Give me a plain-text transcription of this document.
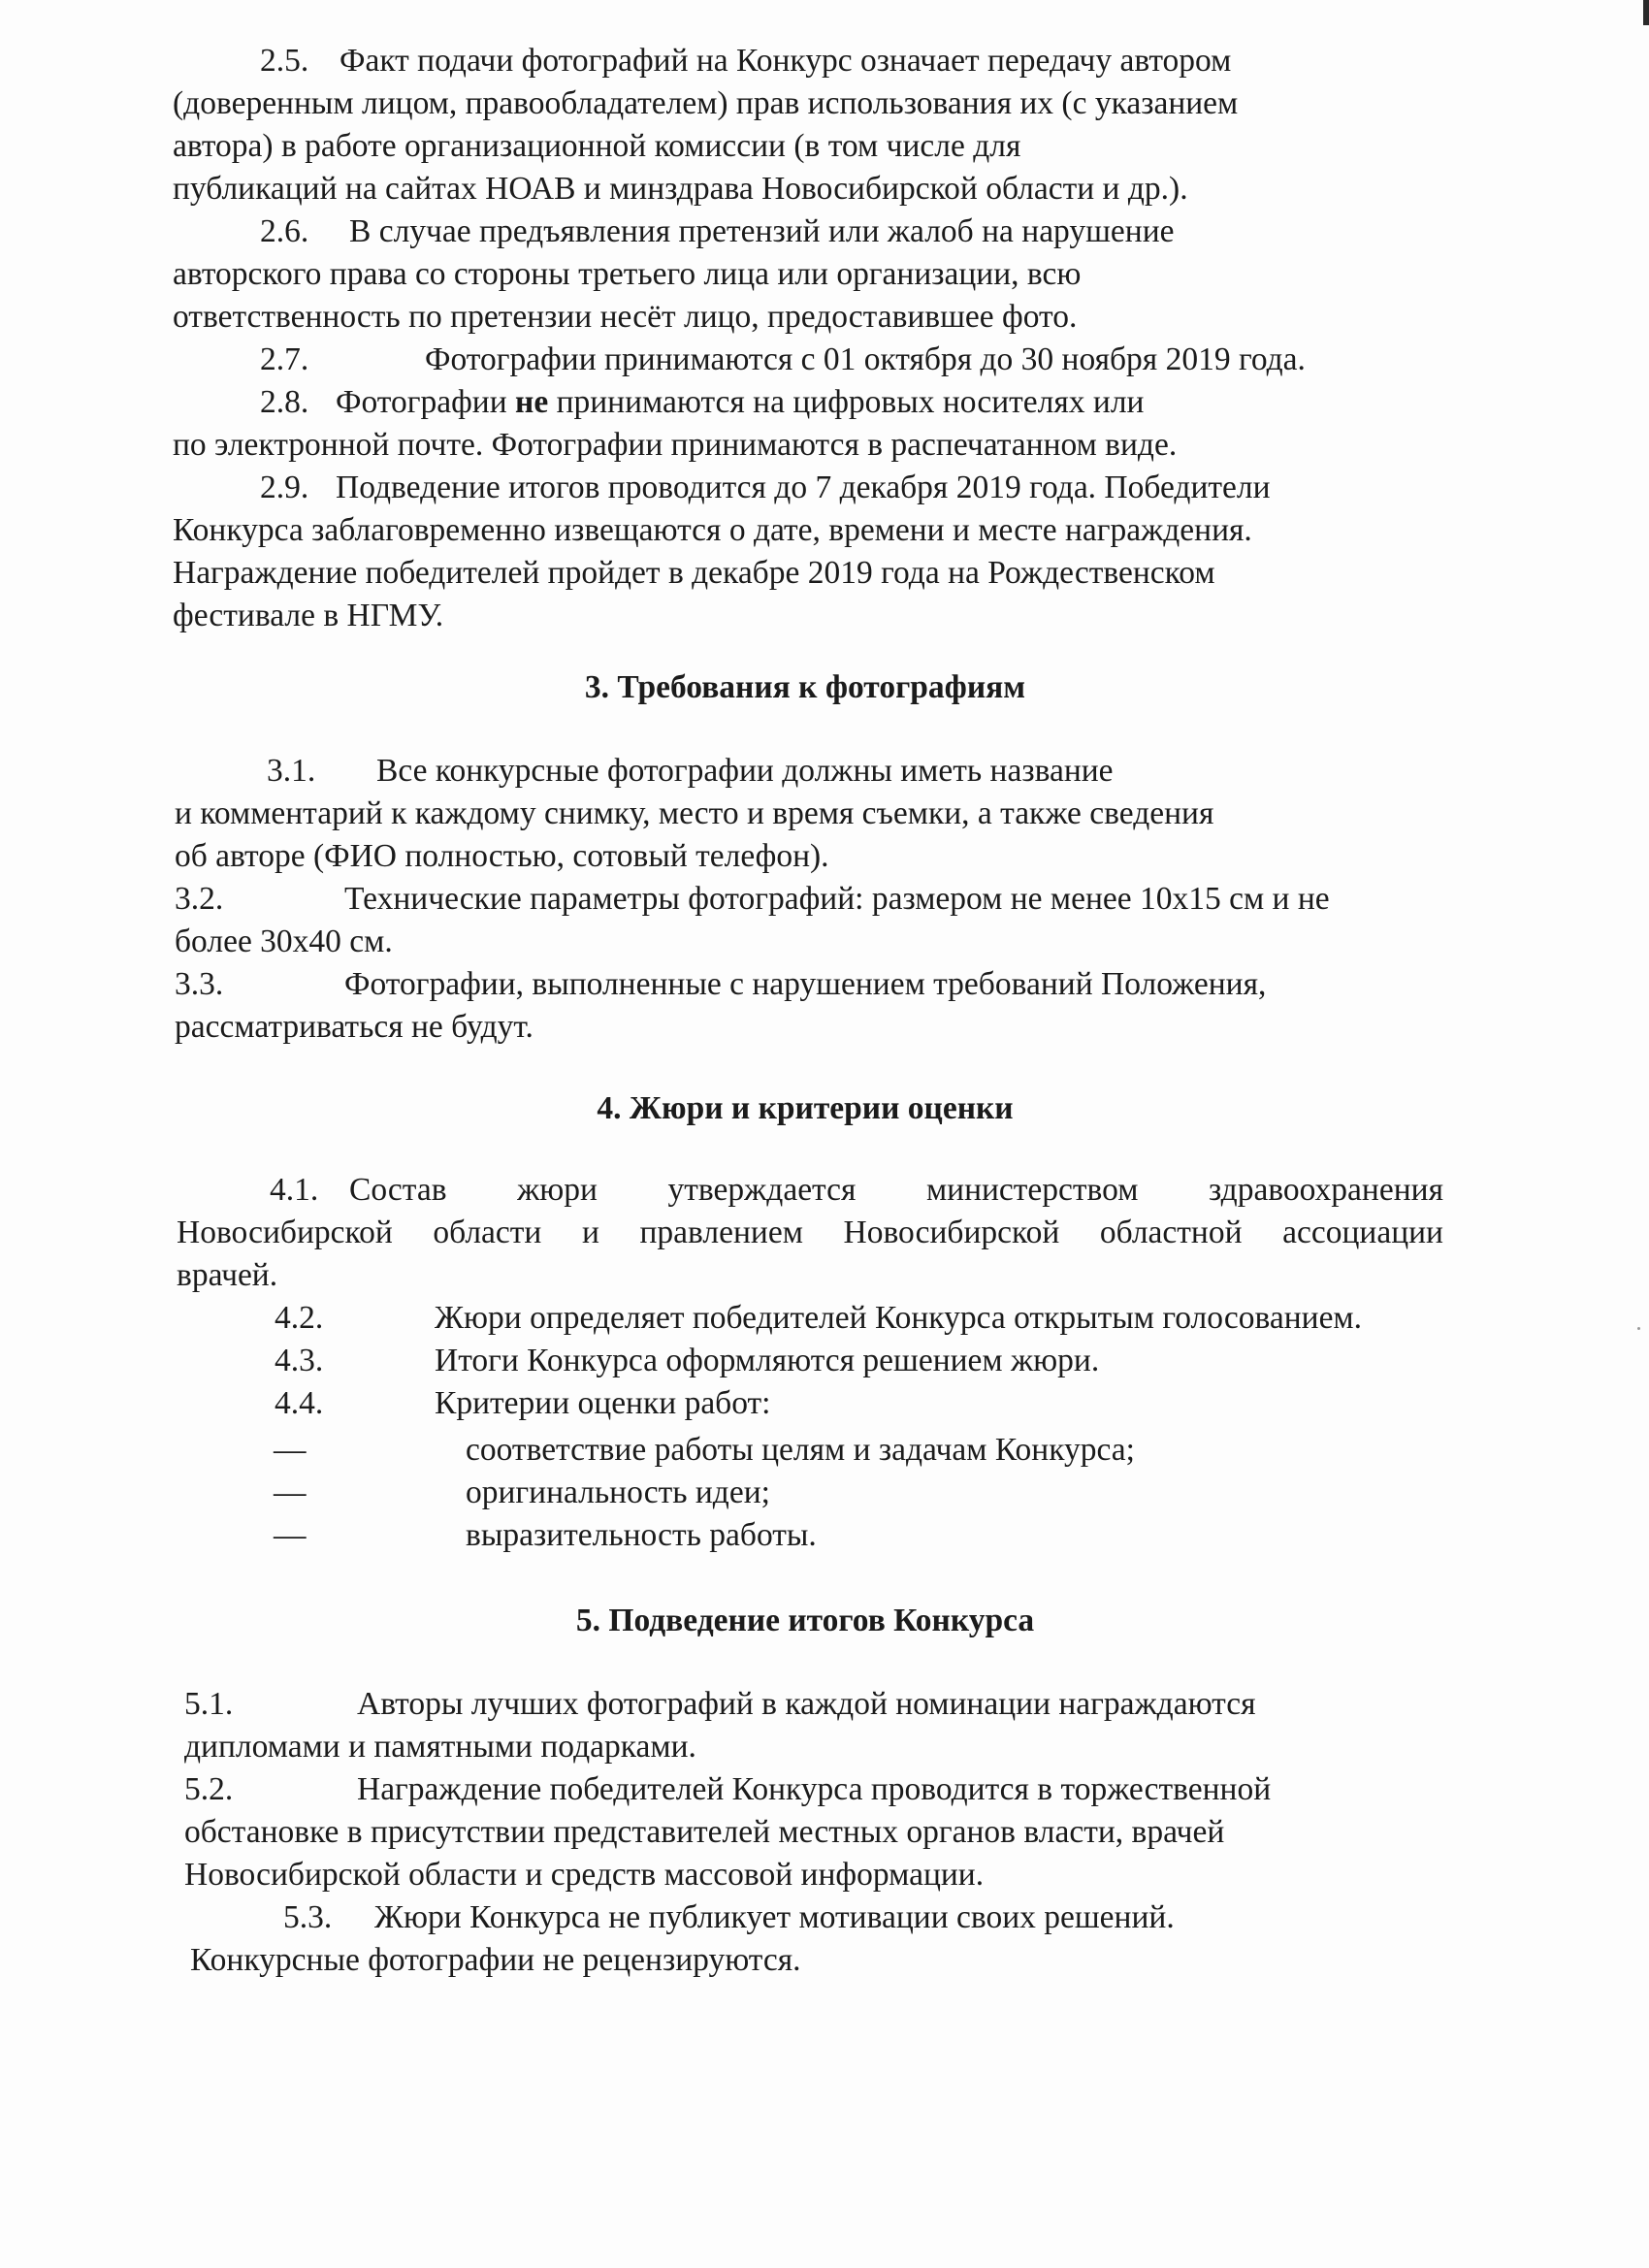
2.5. Факт подачи фотографий на Конкурс означает передачу автором
(доверенным лицом, правообладателем) прав использования их (с указанием
автора) в работе организационной комиссии (в том числе для
публикаций на сайтах НОАВ и минздрава Новосибирской области и др.).
2.6. В случае предъявления претензий или жалоб на нарушение
авторского права со стороны третьего лица или организации, всю
ответственность по претензии несёт лицо, предоставившее фото.
2.7.	Фотографии принимаются с 01 октября до 30 ноября 2019 года.
2.8. Фотографии не принимаются на цифровых носителях или
по электронной почте. Фотографии принимаются в распечатанном виде.
2.9. Подведение итогов проводится до 7 декабря 2019 года. Победители
Конкурса заблаговременно извещаются о дате, времени и месте награждения.
Награждение победителей пройдет в декабре 2019 года на Рождественском
фестивале в НГМУ.
3. Требования к фотографиям
3.1. Все конкурсные фотографии должны иметь название
и комментарий к каждому снимку, место и время съемки, а также сведения
об авторе (ФИО полностью, сотовый телефон).
3.2.	Технические параметры фотографий: размером не менее 10х15 см и не
более 30х40 см.
3.3.	Фотографии, выполненные с нарушением требований Положения,
рассматриваться не будут.
4. Жюри и критерии оценки
4.1. Состав жюри утверждается министерством здравоохранения
Новосибирской области и правлением Новосибирской областной ассоциации
врачей.
4.2.	Жюри определяет победителей Конкурса открытым голосованием.
4.3.	Итоги Конкурса оформляются решением жюри.
4.4.	Критерии оценки работ:
—	соответствие работы целям и задачам Конкурса;
—	оригинальность идеи;
—	выразительность работы.
5. Подведение итогов Конкурса
5.1.	Авторы лучших фотографий в каждой номинации награждаются
дипломами и памятными подарками.
5.2.	Награждение победителей Конкурса проводится в торжественной
обстановке в присутствии представителей местных органов власти, врачей
Новосибирской области и средств массовой информации.
5.3. Жюри Конкурса не публикует мотивации своих решений.
Конкурсные фотографии не рецензируются.
